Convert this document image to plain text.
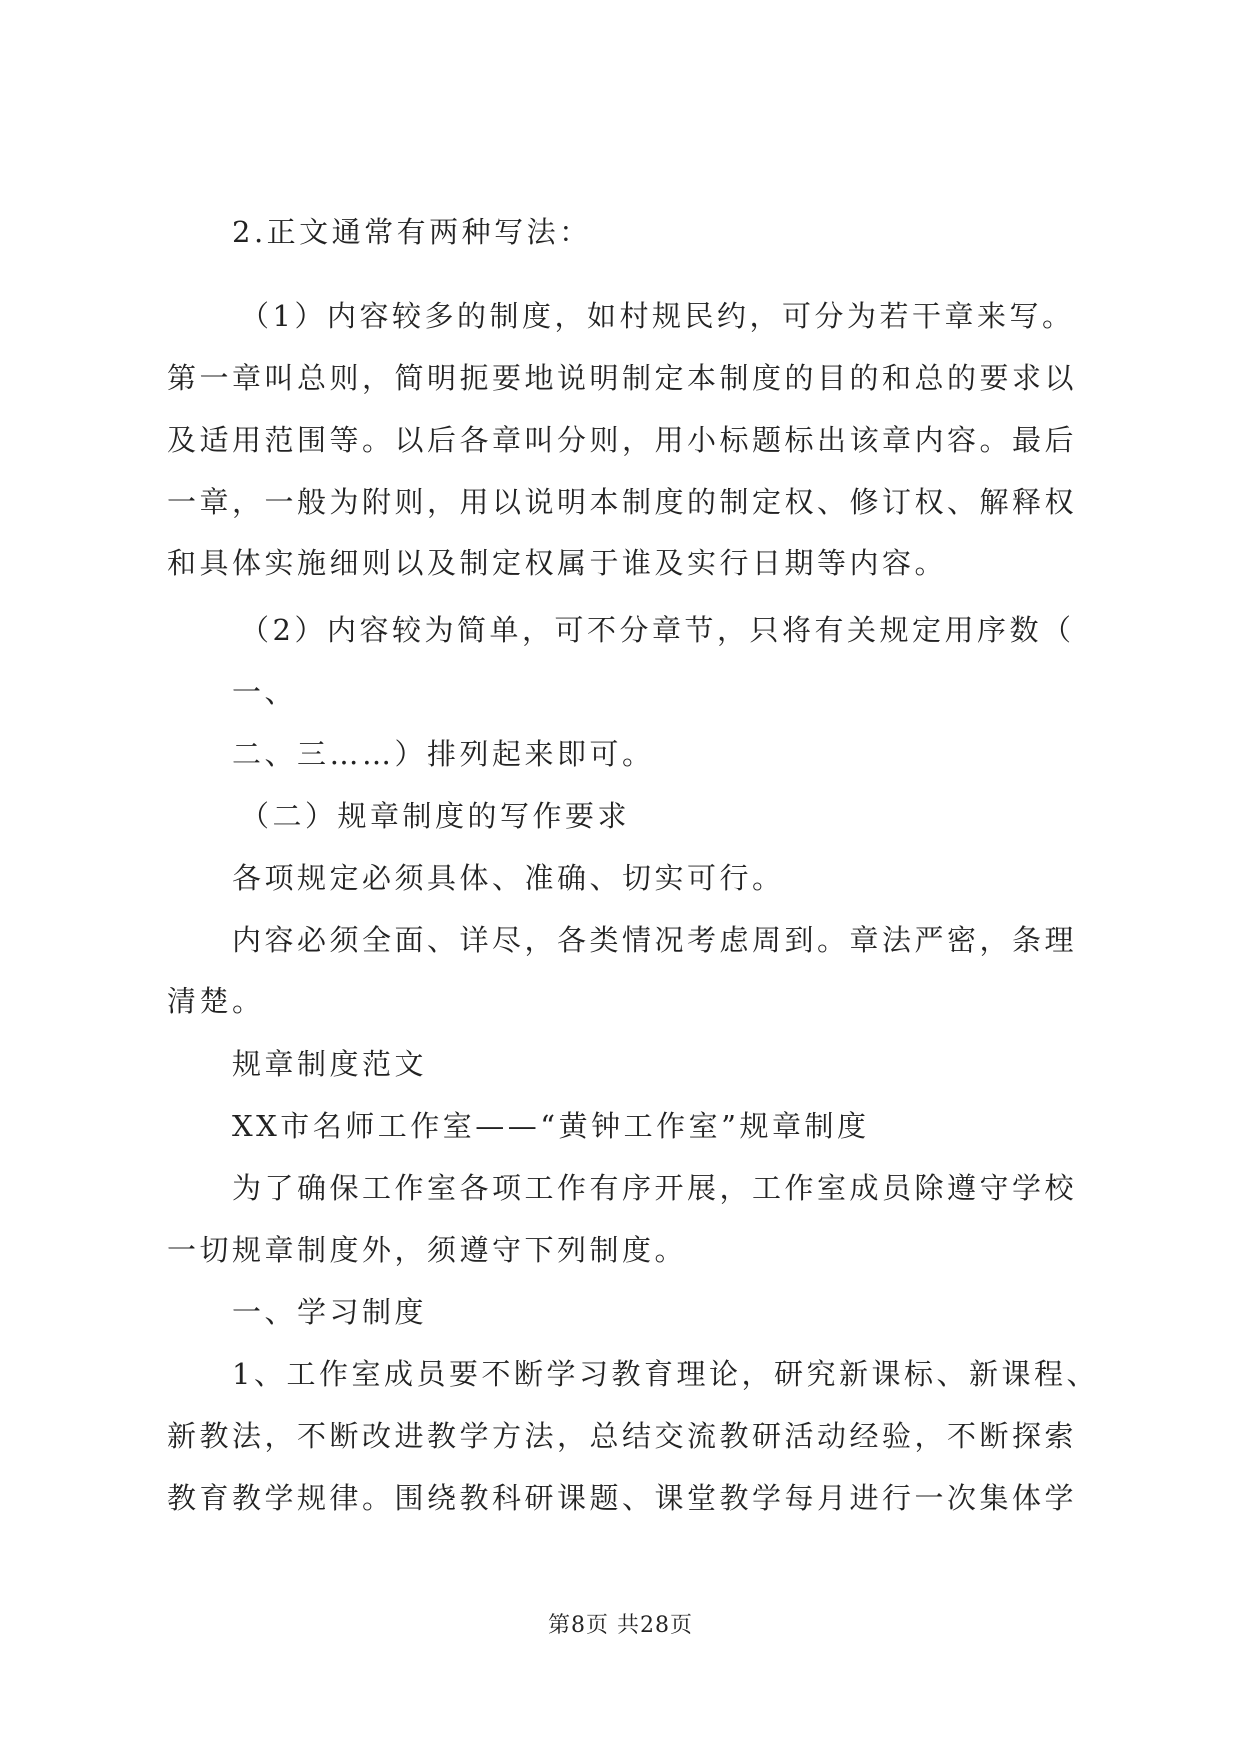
2.正文通常有两种写法：
（1）内容较多的制度，如村规民约，可分为若干章来写。
第一章叫总则，简明扼要地说明制定本制度的目的和总的要求以
及适用范围等。以后各章叫分则，用小标题标出该章内容。最后
一章，一般为附则，用以说明本制度的制定权、修订权、解释权
和具体实施细则以及制定权属于谁及实行日期等内容。
（2）内容较为简单，可不分章节，只将有关规定用序数（
一、
二、三……）排列起来即可。
（二）规章制度的写作要求
各项规定必须具体、准确、切实可行。
内容必须全面、详尽，各类情况考虑周到。章法严密，条理
清楚。
规章制度范文
XX市名师工作室——“黄钟工作室”规章制度
为了确保工作室各项工作有序开展，工作室成员除遵守学校
一切规章制度外，须遵守下列制度。
一、学习制度
1、工作室成员要不断学习教育理论，研究新课标、新课程、
新教法，不断改进教学方法，总结交流教研活动经验，不断探索
教育教学规律。围绕教科研课题、课堂教学每月进行一次集体学
第8页 共28页
